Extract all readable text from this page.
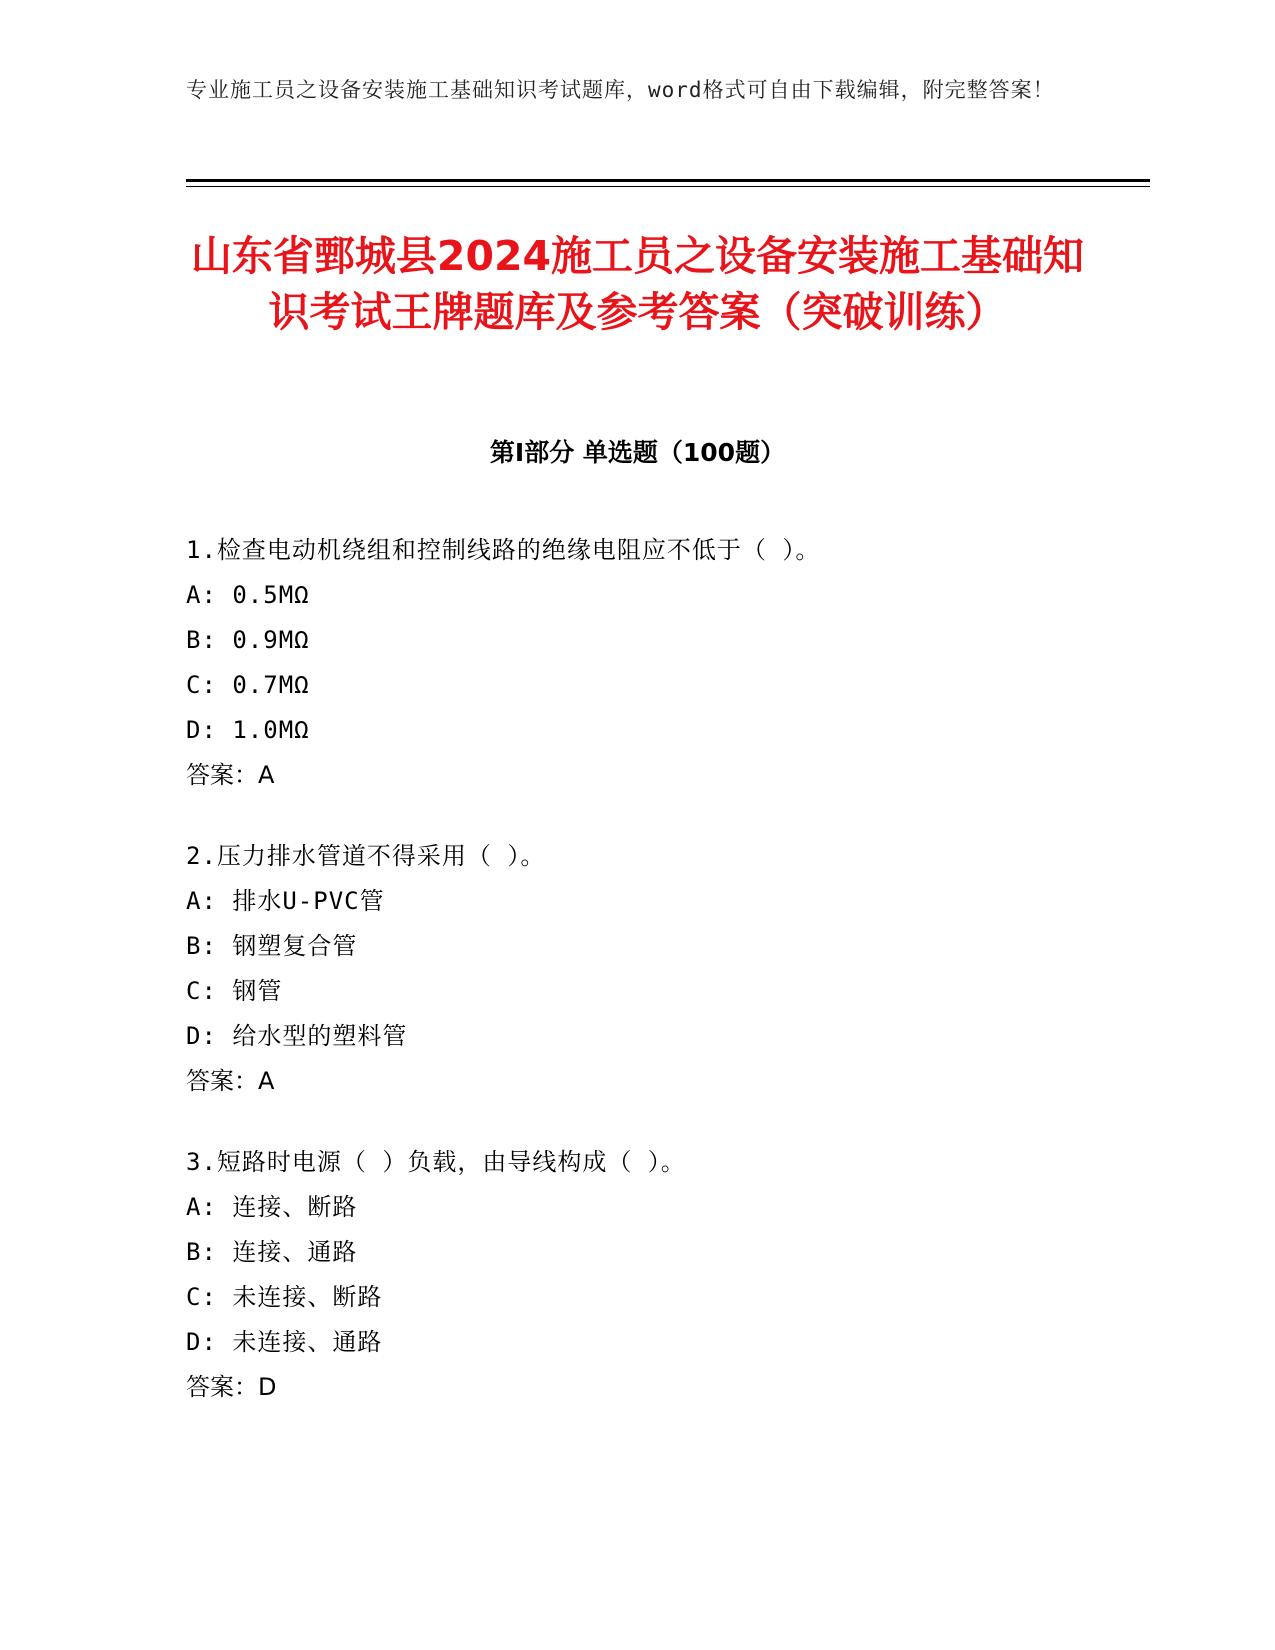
专业施工员之设备安装施工基础知识考试题库，word格式可自由下载编辑，附完整答案！
山东省鄄城县2024施工员之设备安装施工基础知识考试王牌题库及参考答案（突破训练）
第I部分 单选题（100题）
1.检查电动机绕组和控制线路的绝缘电阻应不低于（ ）。
A: 0.5MΩ
B: 0.9MΩ
C: 0.7MΩ
D: 1.0MΩ
答案：A
2.压力排水管道不得采用（ ）。
A: 排水U-PVC管
B: 钢塑复合管
C: 钢管
D: 给水型的塑料管
答案：A
3.短路时电源（ ）负载，由导线构成（ ）。
A: 连接、断路
B: 连接、通路
C: 未连接、断路
D: 未连接、通路
答案：D
